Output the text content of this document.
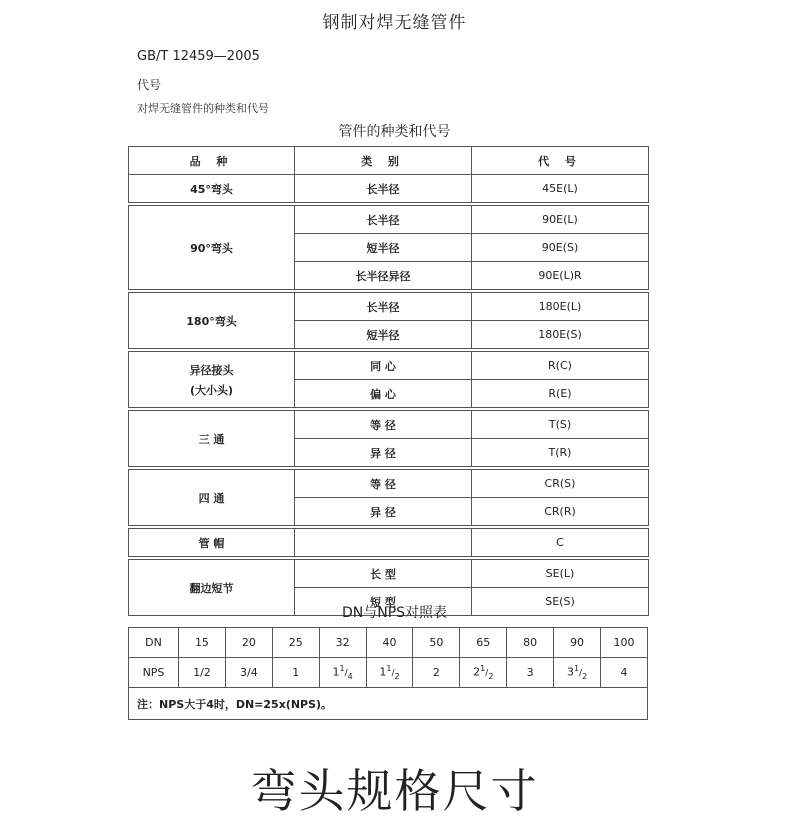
钢制对焊无缝管件
GB/T 12459—2005
代号
对焊无缝管件的种类和代号
管件的种类和代号
品 种	类 别	代 号

45°弯头	长半径	45E(L)

90°弯头	长半径	90E(L)
	短半径	90E(S)
	长半径异径	90E(L)R

180°弯头	长半径	180E(L)
	短半径	180E(S)

异径接头
(大小头)	同 心	R(C)
	偏 心	R(E)

三 通	等 径	T(S)
	异 径	T(R)

四 通	等 径	CR(S)
	异 径	CR(R)

管 帽		C

翻边短节	长 型	SE(L)
	短 型	SE(S)
DN与NPS对照表
DN	15	20	25	32	40	50	65	80	90	100
NPS	1/2	3/4	1	$1^1/_4$	$1^1/_2$	2	$2^1/_2$	3	$3^1/_2$	4
注：NPS大于4时，DN=25x(NPS)。										
弯头规格尺寸
